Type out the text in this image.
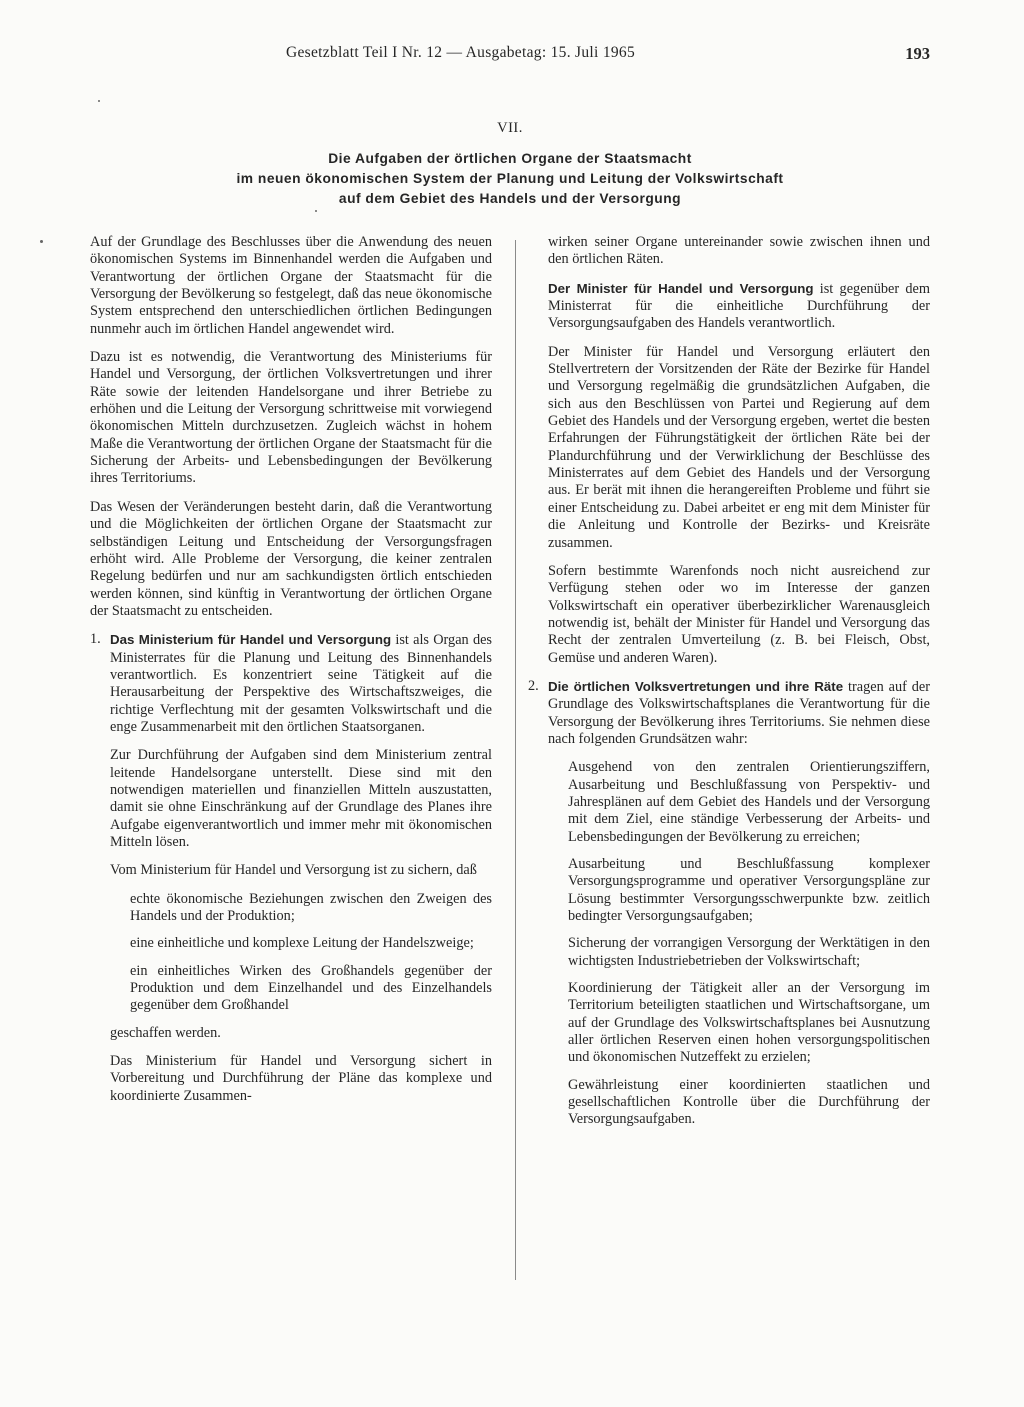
Gesetzblatt Teil I Nr. 12 — Ausgabetag: 15. Juli 1965	193
VII.
Die Aufgaben der örtlichen Organe der Staatsmacht
im neuen ökonomischen System der Planung und Leitung der Volkswirtschaft
auf dem Gebiet des Handels und der Versorgung

Auf der Grundlage des Beschlusses über die Anwendung des neuen ökonomischen Systems im Binnenhandel werden die Aufgaben und Verantwortung der örtlichen Organe der Staatsmacht für die Versorgung der Bevölkerung so festgelegt, daß das neue ökonomische System entsprechend den unterschiedlichen örtlichen Bedingungen nunmehr auch im örtlichen Handel angewendet wird.

Dazu ist es notwendig, die Verantwortung des Ministeriums für Handel und Versorgung, der örtlichen Volksvertretungen und ihrer Räte sowie der leitenden Handelsorgane und ihrer Betriebe zu erhöhen und die Leitung der Versorgung schrittweise mit vorwiegend ökonomischen Mitteln durchzusetzen. Zugleich wächst in hohem Maße die Verantwortung der örtlichen Organe der Staatsmacht für die Sicherung der Arbeits- und Lebensbedingungen der Bevölkerung ihres Territoriums.

Das Wesen der Veränderungen besteht darin, daß die Verantwortung und die Möglichkeiten der örtlichen Organe der Staatsmacht zur selbständigen Leitung und Entscheidung der Versorgungsfragen erhöht wird. Alle Probleme der Versorgung, die keiner zentralen Regelung bedürfen und nur am sachkundigsten örtlich entschieden werden können, sind künftig in Verantwortung der örtlichen Organe der Staatsmacht zu entscheiden.

1. Das Ministerium für Handel und Versorgung ist als Organ des Ministerrates für die Planung und Leitung des Binnenhandels verantwortlich. Es konzentriert seine Tätigkeit auf die Herausarbeitung der Perspektive des Wirtschaftszweiges, die richtige Verflechtung mit der gesamten Volkswirtschaft und die enge Zusammenarbeit mit den örtlichen Staatsorganen.

Zur Durchführung der Aufgaben sind dem Ministerium zentral leitende Handelsorgane unterstellt. Diese sind mit den notwendigen materiellen und finanziellen Mitteln auszustatten, damit sie ohne Einschränkung auf der Grundlage des Planes ihre Aufgabe eigenverantwortlich und immer mehr mit ökonomischen Mitteln lösen.

Vom Ministerium für Handel und Versorgung ist zu sichern, daß

echte ökonomische Beziehungen zwischen den Zweigen des Handels und der Produktion;
eine einheitliche und komplexe Leitung der Handelszweige;
ein einheitliches Wirken des Großhandels gegenüber der Produktion und dem Einzelhandel und des Einzelhandels gegenüber dem Großhandel

geschaffen werden.

Das Ministerium für Handel und Versorgung sichert in Vorbereitung und Durchführung der Pläne das komplexe und koordinierte Zusammen-

wirken seiner Organe untereinander sowie zwischen ihnen und den örtlichen Räten.

Der Minister für Handel und Versorgung ist gegenüber dem Ministerrat für die einheitliche Durchführung der Versorgungsaufgaben des Handels verantwortlich.

Der Minister für Handel und Versorgung erläutert den Stellvertretern der Vorsitzenden der Räte der Bezirke für Handel und Versorgung regelmäßig die grundsätzlichen Aufgaben, die sich aus den Beschlüssen von Partei und Regierung auf dem Gebiet des Handels und der Versorgung ergeben, wertet die besten Erfahrungen der Führungstätigkeit der örtlichen Räte bei der Plandurchführung und der Verwirklichung der Beschlüsse des Ministerrates auf dem Gebiet des Handels und der Versorgung aus. Er berät mit ihnen die herangereiften Probleme und führt sie einer Entscheidung zu. Dabei arbeitet er eng mit dem Minister für die Anleitung und Kontrolle der Bezirks- und Kreisräte zusammen.

Sofern bestimmte Warenfonds noch nicht ausreichend zur Verfügung stehen oder wo im Interesse der ganzen Volkswirtschaft ein operativer überbezirklicher Warenausgleich notwendig ist, behält der Minister für Handel und Versorgung das Recht der zentralen Umverteilung (z. B. bei Fleisch, Obst, Gemüse und anderen Waren).

2. Die örtlichen Volksvertretungen und ihre Räte tragen auf der Grundlage des Volkswirtschaftsplanes die Verantwortung für die Versorgung der Bevölkerung ihres Territoriums. Sie nehmen diese nach folgenden Grundsätzen wahr:
Ausgehend von den zentralen Orientierungsziffern, Ausarbeitung und Beschlußfassung von Perspektiv- und Jahresplänen auf dem Gebiet des Handels und der Versorgung mit dem Ziel, eine ständige Verbesserung der Arbeits- und Lebensbedingungen der Bevölkerung zu erreichen;
Ausarbeitung und Beschlußfassung komplexer Versorgungsprogramme und operativer Versorgungspläne zur Lösung bestimmter Versorgungsschwerpunkte bzw. zeitlich bedingter Versorgungsaufgaben;
Sicherung der vorrangigen Versorgung der Werktätigen in den wichtigsten Industriebetrieben der Volkswirtschaft;
Koordinierung der Tätigkeit aller an der Versorgung im Territorium beteiligten staatlichen und Wirtschaftsorgane, um auf der Grundlage des Volkswirtschaftsplanes bei Ausnutzung aller örtlichen Reserven einen hohen versorgungspolitischen und ökonomischen Nutzeffekt zu erzielen;
Gewährleistung einer koordinierten staatlichen und gesellschaftlichen Kontrolle über die Durchführung der Versorgungsaufgaben.
